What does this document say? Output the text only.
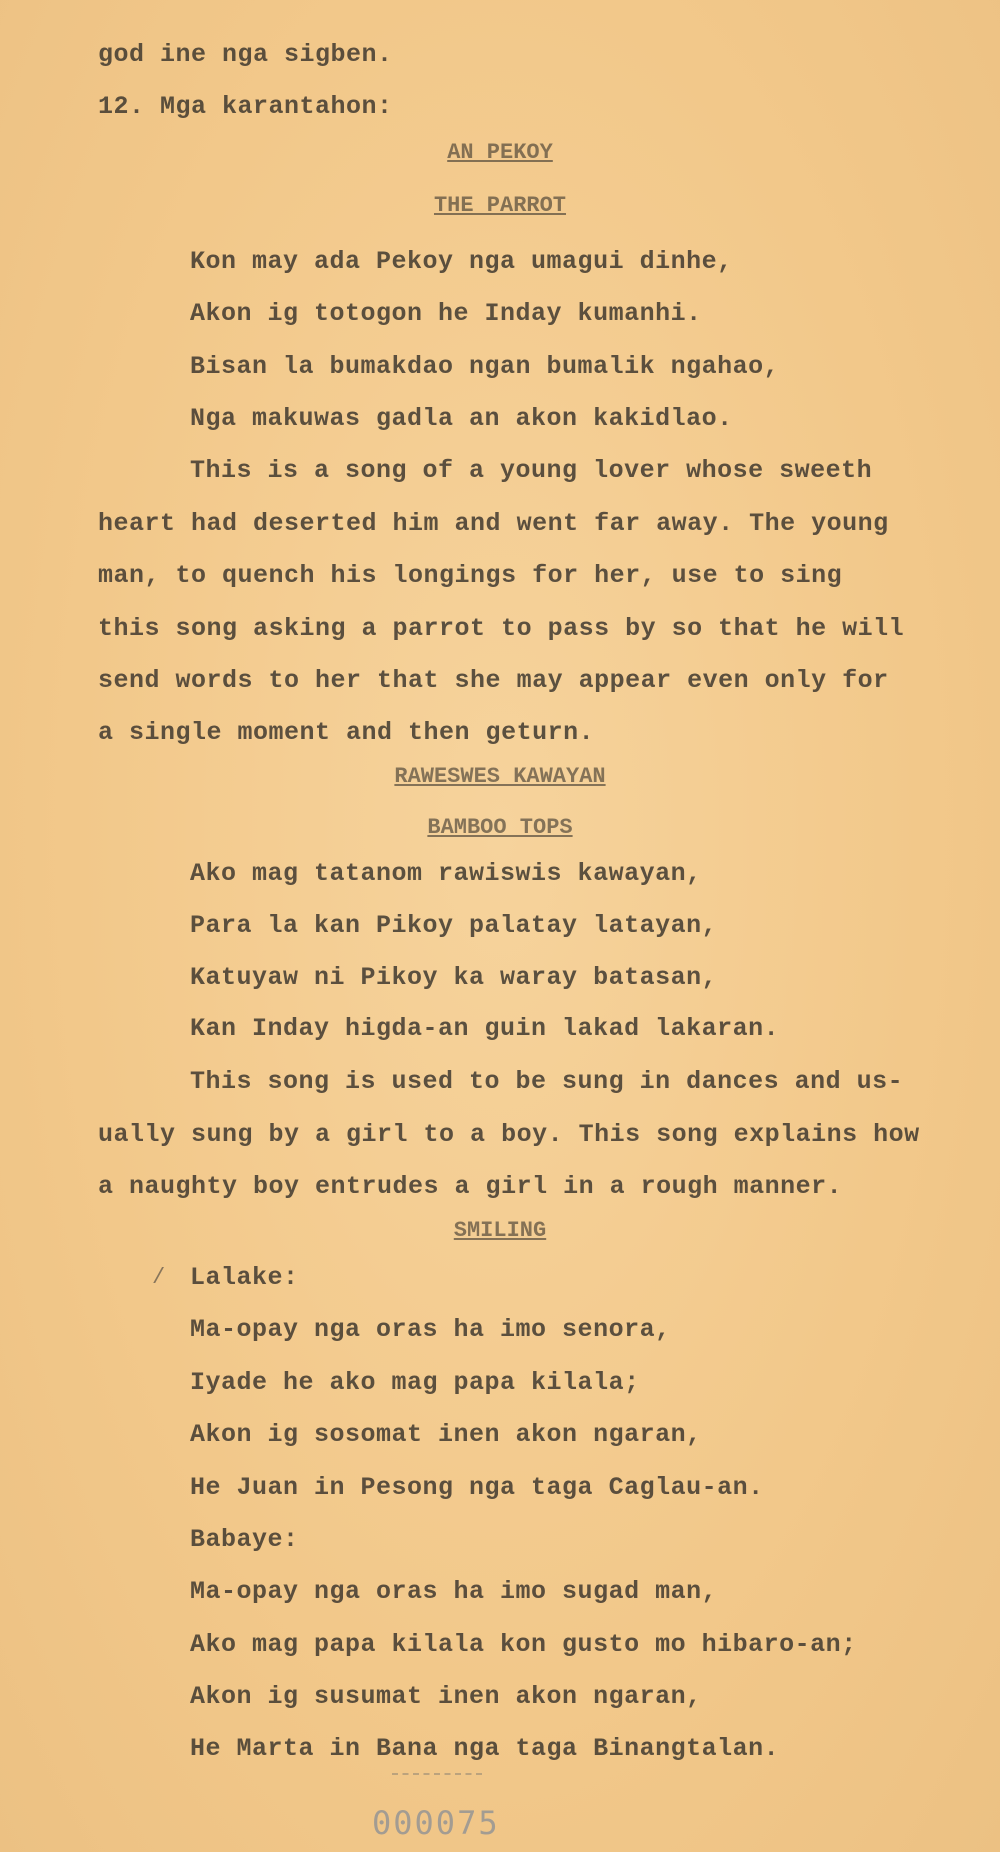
god ine nga sigben.
12. Mga karantahon:
AN PEKOY
THE PARROT
Kon may ada Pekoy nga umagui dinhe,
Akon ig totogon he Inday kumanhi.
Bisan la bumakdao ngan bumalik ngahao,
Nga makuwas gadla an akon kakidlao.
This is a song of a young lover whose sweeth
heart had deserted him and went far away. The young
man, to quench his longings for her, use to sing
this song asking a parrot to pass by so that he will
send words to her that she may appear even only for
a single moment and then geturn.
RAWESWES KAWAYAN
BAMBOO TOPS
Ako mag tatanom rawiswis kawayan,
Para la kan Pikoy palatay latayan,
Katuyaw ni Pikoy ka waray batasan,
Kan Inday higda-an guin lakad lakaran.
This song is used to be sung in dances and us-
ually sung by a girl to a boy. This song explains how
a naughty boy entrudes a girl in a rough manner.
SMILING
/ Lalake:
Ma-opay nga oras ha imo senora,
Iyade he ako mag papa kilala;
Akon ig sosomat inen akon ngaran,
He Juan in Pesong nga taga Caglau-an.
Babaye:
Ma-opay nga oras ha imo sugad man,
Ako mag papa kilala kon gusto mo hibaro-an;
Akon ig susumat inen akon ngaran,
He Marta in Bana nga taga Binangtalan.
000075
